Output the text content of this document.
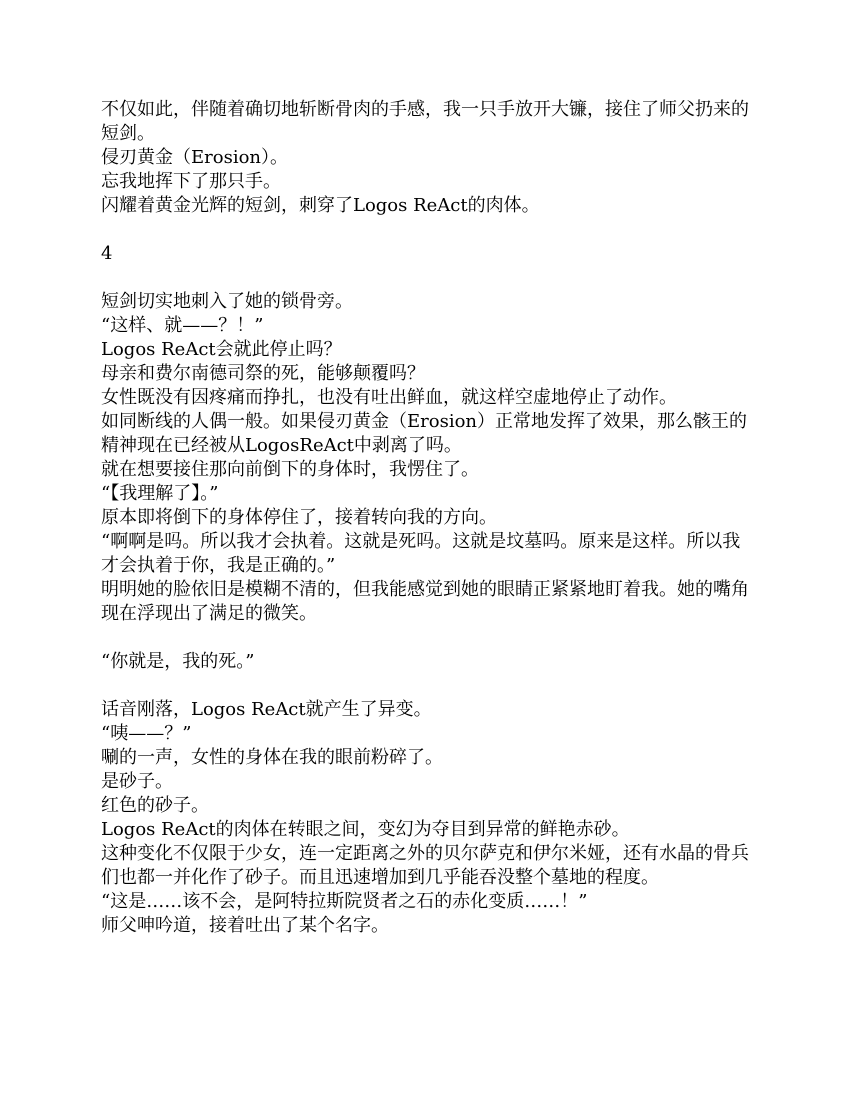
不仅如此，伴随着确切地斩断骨肉的手感，我一只手放开大镰，接住了师父扔来的短剑。

侵刃黄金（Erosion）。

忘我地挥下了那只手。

闪耀着黄金光辉的短剑，刺穿了Logos ReAct的肉体。

4

短剑切实地刺入了她的锁骨旁。

“这样、就——？！”

Logos ReAct会就此停止吗？

母亲和费尔南德司祭的死，能够颠覆吗？

女性既没有因疼痛而挣扎，也没有吐出鲜血，就这样空虚地停止了动作。

如同断线的人偶一般。如果侵刃黄金（Erosion）正常地发挥了效果，那么骸王的精神现在已经被从LogosReAct中剥离了吗。

就在想要接住那向前倒下的身体时，我愣住了。

“【我理解了】。”

原本即将倒下的身体停住了，接着转向我的方向。

“啊啊是吗。所以我才会执着。这就是死吗。这就是坟墓吗。原来是这样。所以我才会执着于你，我是正确的。”

明明她的脸依旧是模糊不清的，但我能感觉到她的眼睛正紧紧地盯着我。她的嘴角现在浮现出了满足的微笑。

“你就是，我的死。”

话音刚落，Logos ReAct就产生了异变。

“咦——？”

唰的一声，女性的身体在我的眼前粉碎了。

是砂子。

红色的砂子。

Logos ReAct的肉体在转眼之间，变幻为夺目到异常的鲜艳赤砂。

这种变化不仅限于少女，连一定距离之外的贝尔萨克和伊尔米娅，还有水晶的骨兵们也都一并化作了砂子。而且迅速增加到几乎能吞没整个墓地的程度。

“这是……该不会，是阿特拉斯院贤者之石的赤化变质……！”

师父呻吟道，接着吐出了某个名字。
